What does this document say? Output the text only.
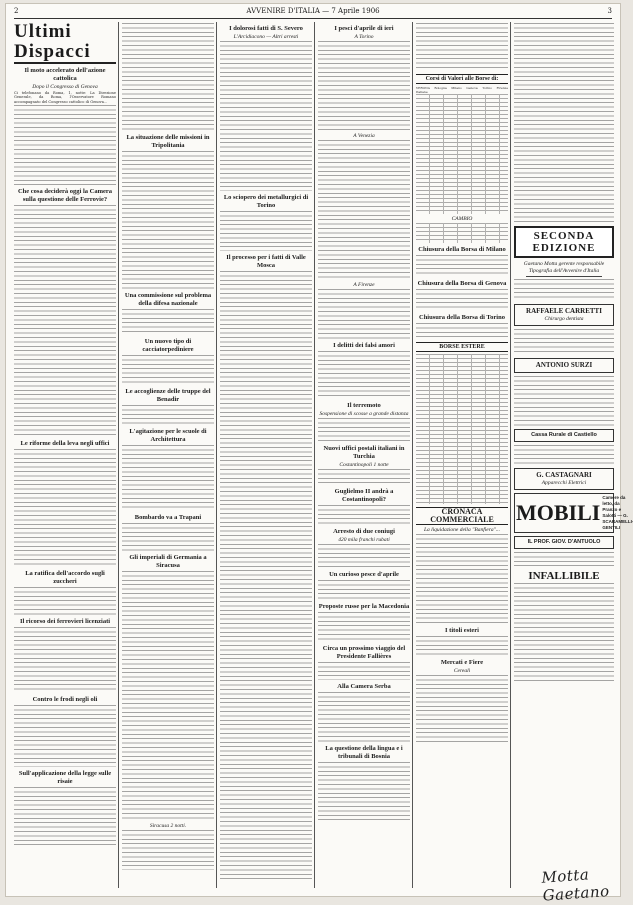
2	AVVENIRE D'ITALIA — 7 Aprile 1906	3
Ultimi Dispacci
Il moto accelerato dell'azione cattolica
Dopo il Congresso di Genova

Ci telefonano da Roma, 1, notte: La Direzione Generale, da Roma, l'Osservatore Romano accompagnato del Congresso cattolico di Genova...

Che cosa deciderà oggi la Camera sulla questione delle Ferrovie?
Le riforme della leva negli uffici
La ratifica dell'accordo sugli zuccheri
Il ricorso dei ferrovieri licenziati
Contro le frodi negli oli
Sull'applicazione della legge sulle risaie
La situazione delle missioni in Tripolitania
Una commissione sul problema della difesa nazionale
Un nuovo tipo di cacciatorpediniere
Le accoglienze delle truppe del Benadir
L'agitazione per le scuole di Architettura
Bombardo va a Trapani
Gli imperiali di Germania a Siracusa
Siracusa 2 notti.
I dolorosi fatti di S. Severo
L'Arcidiacono — Altri arresti
Lo sciopero dei metallurgici di Torino
Il processo per i fatti di Valle Mosca
I pesci d'aprile di ieri
A Torino
A Venezia
A Firenze
I delitti dei falsi amori
Il terremoto
Sospensione di scosse a grande distanza
Nuovi uffici postali italiani in Turchia
Costantinopoli 1 notte
Guglielmo II andrà a Costantinopoli?
Arresto di due coniugi
420 mila franchi rubati
Un curioso pesce d'aprile
Proposte russe per la Macedonia
Circa un prossimo viaggio del Presidente Fallières
Alla Camera Serba
La questione della lingua e i tribunali di Bosnia
Corsi di Valori alle Borse di:
VERONA  Bologna  Milano  Genova  Torino  Firenze  Italiane
CAMBIO
Chiusura della Borsa di Milano
Chiusura della Borsa di Genova
Chiusura della Borsa di Torino
BORSE ESTERE
CRONACA COMMERCIALE
La liquidazione della "Banfiera"...
I titoli esteri
Mercati e Fiere
Cereali
SECONDA EDIZIONE
Gaetano Motta gerente responsabile
Tipografia dell'Avvenire d'Italia
RAFFAELE CARRETTI
Chirurgo dentista
ANTONIO SURZI
Cassa Rurale di Castiello
G. CASTAGNARI
Apparecchi Elettrici
MOBILI
Camere da letto, da Pranzo e Salotti — G. SCARAMELLI-GENTILI
IL PROF. GIOV. D'ANTUOLO
INFALLIBILE
Motta Gaetano
